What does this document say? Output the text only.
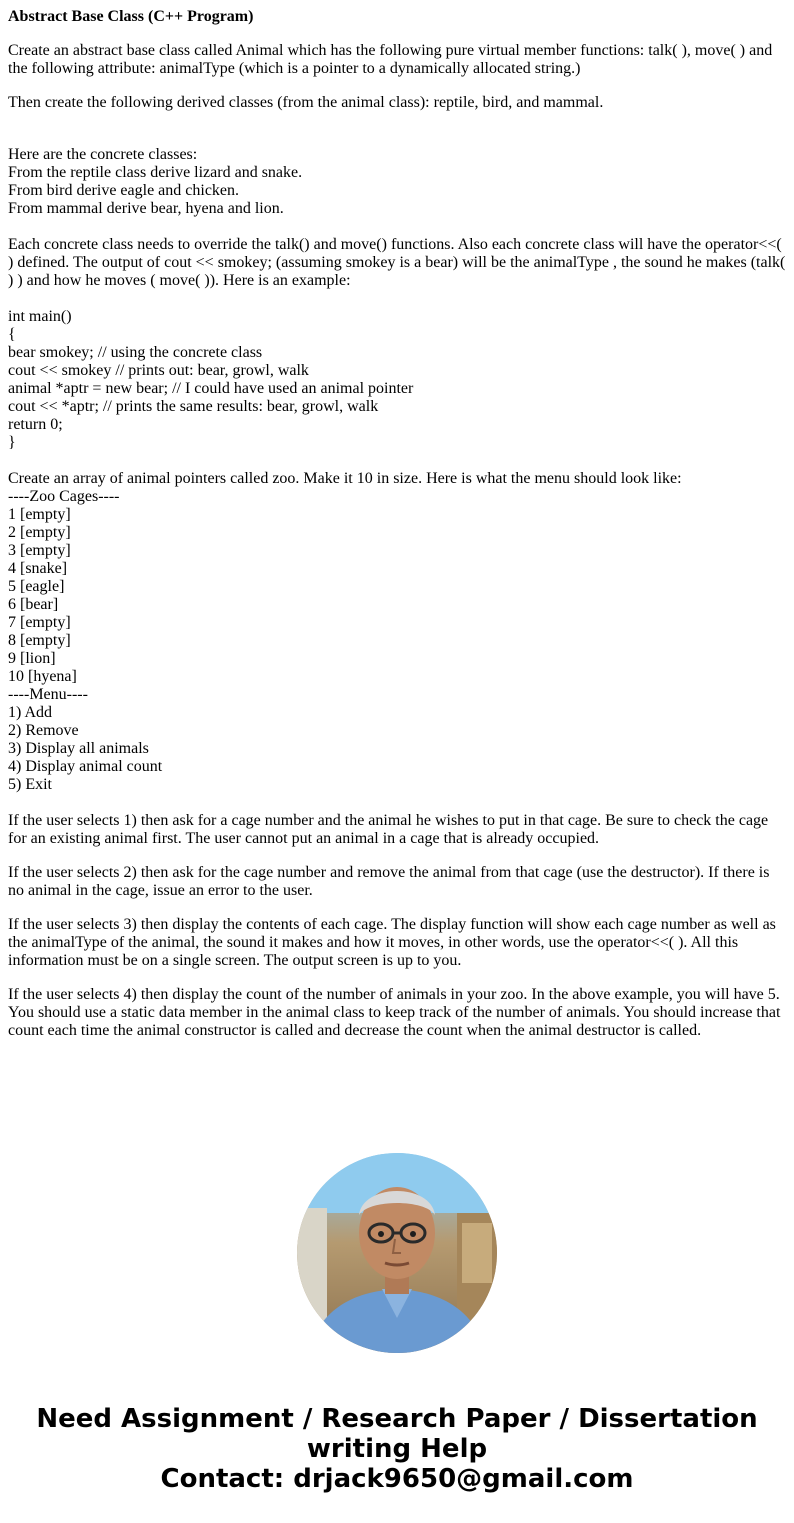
Abstract Base Class (C++ Program)

Create an abstract base class called Animal which has the following pure virtual member functions: talk( ), move( ) and the following attribute: animalType (which is a pointer to a dynamically allocated string.)

Then create the following derived classes (from the animal class): reptile, bird, and mammal.

Here are the concrete classes:
From the reptile class derive lizard and snake.
From bird derive eagle and chicken.
From mammal derive bear, hyena and lion.
Each concrete class needs to override the talk() and move() functions. Also each concrete class will have the operator<<(
) defined. The output of cout << smokey; (assuming smokey is a bear) will be the animalType , the sound he makes (talk(
) ) and how he moves ( move( )). Here is an example:
int main()
{
bear smokey; // using the concrete class
cout << smokey // prints out: bear, growl, walk
animal *aptr = new bear; // I could have used an animal pointer
cout << *aptr; // prints the same results: bear, growl, walk
return 0;
}
Create an array of animal pointers called zoo. Make it 10 in size. Here is what the menu should look like:
----Zoo Cages----
1 [empty]
2 [empty]
3 [empty]
4 [snake]
5 [eagle]
6 [bear]
7 [empty]
8 [empty]
9 [lion]
10 [hyena]
----Menu----
1) Add
2) Remove
3) Display all animals
4) Display animal count
5) Exit

If the user selects 1) then ask for a cage number and the animal he wishes to put in that cage. Be sure to check the cage for an existing animal first. The user cannot put an animal in a cage that is already occupied.

If the user selects 2) then ask for the cage number and remove the animal from that cage (use the destructor). If there is no animal in the cage, issue an error to the user.

If the user selects 3) then display the contents of each cage. The display function will show each cage number as well as the animalType of the animal, the sound it makes and how it moves, in other words, use the operator<<( ). All this information must be on a single screen. The output screen is up to you.

If the user selects 4) then display the count of the number of animals in your zoo. In the above example, you will have 5. You should use a static data member in the animal class to keep track of the number of animals. You should increase that count each time the animal constructor is called and decrease the count when the animal destructor is called.

Need Assignment / Research Paper / Dissertation
writing Help
Contact: drjack9650@gmail.com
